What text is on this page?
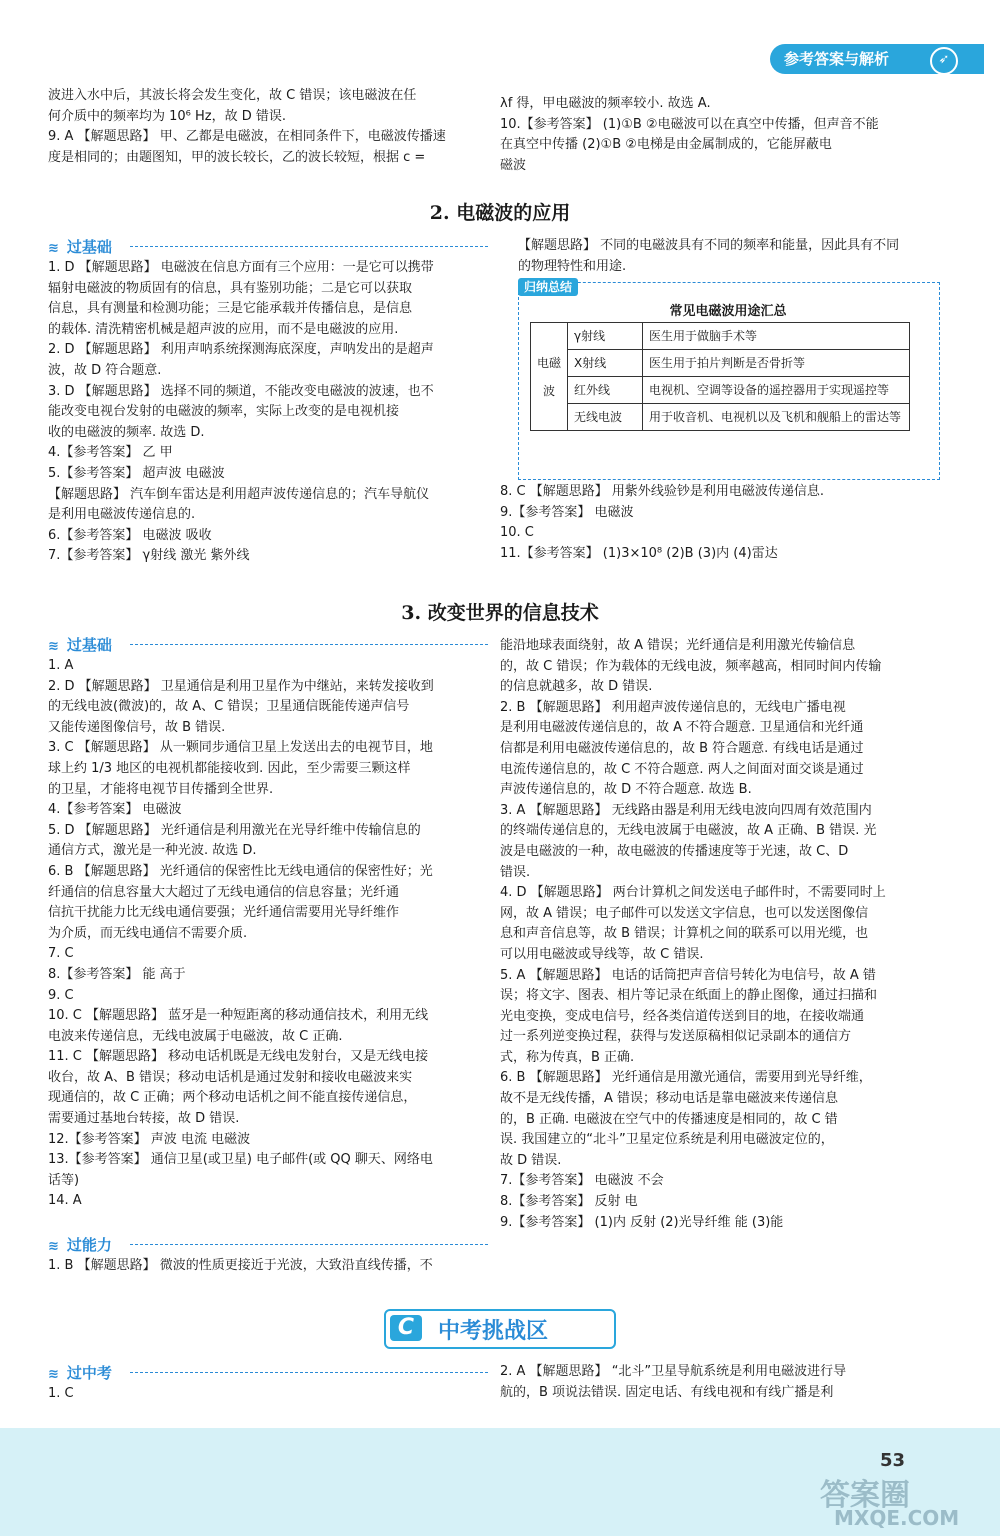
参考答案与解析	➶

波进入水中后，其波长将会发生变化，故 C 错误；该电磁波在任

何介质中的频率均为 10⁶ Hz，故 D 错误.

9. A 【解题思路】 甲、乙都是电磁波，在相同条件下，电磁波传播速

度是相同的；由题图知，甲的波长较长，乙的波长较短，根据 c =

λf 得，甲电磁波的频率较小. 故选 A.

10.【参考答案】 (1)①B ②电磁波可以在真空中传播，但声音不能

在真空中传播 (2)①B ②电梯是由金属制成的，它能屏蔽电

磁波

2. 电磁波的应用
≋ 过基础

1. D 【解题思路】 电磁波在信息方面有三个应用：一是它可以携带

辐射电磁波的物质固有的信息，具有鉴别功能；二是它可以获取

信息，具有测量和检测功能；三是它能承载并传播信息，是信息

的载体. 清洗精密机械是超声波的应用，而不是电磁波的应用.

2. D 【解题思路】 利用声呐系统探测海底深度，声呐发出的是超声

波，故 D 符合题意.

3. D 【解题思路】 选择不同的频道，不能改变电磁波的波速，也不

能改变电视台发射的电磁波的频率，实际上改变的是电视机接

收的电磁波的频率. 故选 D.

4.【参考答案】 乙 甲

5.【参考答案】 超声波 电磁波

【解题思路】 汽车倒车雷达是利用超声波传递信息的；汽车导航仪

是利用电磁波传递信息的.

6.【参考答案】 电磁波 吸收

7.【参考答案】 γ射线 激光 紫外线

【解题思路】 不同的电磁波具有不同的频率和能量，因此具有不同

的物理特性和用途.

归纳总结
常见电磁波用途汇总
电磁波	γ射线	医生用于做脑手术等
	X射线	医生用于拍片判断是否骨折等
	红外线	电视机、空调等设备的遥控器用于实现遥控等
	无线电波	用于收音机、电视机以及飞机和舰船上的雷达等

8. C 【解题思路】 用紫外线验钞是利用电磁波传递信息.

9.【参考答案】 电磁波

10. C

11.【参考答案】 (1)3×10⁸ (2)B (3)内 (4)雷达

3. 改变世界的信息技术
≋ 过基础

1. A

2. D 【解题思路】 卫星通信是利用卫星作为中继站，来转发接收到

的无线电波(微波)的，故 A、C 错误；卫星通信既能传递声信号

又能传递图像信号，故 B 错误.

3. C 【解题思路】 从一颗同步通信卫星上发送出去的电视节目，地

球上约 1/3 地区的电视机都能接收到. 因此，至少需要三颗这样

的卫星，才能将电视节目传播到全世界.

4.【参考答案】 电磁波

5. D 【解题思路】 光纤通信是利用激光在光导纤维中传输信息的

通信方式，激光是一种光波. 故选 D.

6. B 【解题思路】 光纤通信的保密性比无线电通信的保密性好；光

纤通信的信息容量大大超过了无线电通信的信息容量；光纤通

信抗干扰能力比无线电通信要强；光纤通信需要用光导纤维作

为介质，而无线电通信不需要介质.

7. C

8.【参考答案】 能 高于

9. C

10. C 【解题思路】 蓝牙是一种短距离的移动通信技术，利用无线

电波来传递信息，无线电波属于电磁波，故 C 正确.

11. C 【解题思路】 移动电话机既是无线电发射台，又是无线电接

收台，故 A、B 错误；移动电话机是通过发射和接收电磁波来实

现通信的，故 C 正确；两个移动电话机之间不能直接传递信息，

需要通过基地台转接，故 D 错误.

12.【参考答案】 声波 电流 电磁波

13.【参考答案】 通信卫星(或卫星) 电子邮件(或 QQ 聊天、网络电

话等)

14. A

≋ 过能力

1. B 【解题思路】 微波的性质更接近于光波，大致沿直线传播，不

能沿地球表面绕射，故 A 错误；光纤通信是利用激光传输信息

的，故 C 错误；作为载体的无线电波，频率越高，相同时间内传输

的信息就越多，故 D 错误.

2. B 【解题思路】 利用超声波传递信息的，无线电广播电视

是利用电磁波传递信息的，故 A 不符合题意. 卫星通信和光纤通

信都是利用电磁波传递信息的，故 B 符合题意. 有线电话是通过

电流传递信息的，故 C 不符合题意. 两人之间面对面交谈是通过

声波传递信息的，故 D 不符合题意. 故选 B.

3. A 【解题思路】 无线路由器是利用无线电波向四周有效范围内

的终端传递信息的，无线电波属于电磁波，故 A 正确、B 错误. 光

波是电磁波的一种，故电磁波的传播速度等于光速，故 C、D

错误.

4. D 【解题思路】 两台计算机之间发送电子邮件时，不需要同时上

网，故 A 错误；电子邮件可以发送文字信息，也可以发送图像信

息和声音信息等，故 B 错误；计算机之间的联系可以用光缆，也

可以用电磁波或导线等，故 C 错误.

5. A 【解题思路】 电话的话筒把声音信号转化为电信号，故 A 错

误；将文字、图表、相片等记录在纸面上的静止图像，通过扫描和

光电变换，变成电信号，经各类信道传送到目的地，在接收端通

过一系列逆变换过程，获得与发送原稿相似记录副本的通信方

式，称为传真，B 正确.

6. B 【解题思路】 光纤通信是用激光通信，需要用到光导纤维，

故不是无线传播，A 错误；移动电话是靠电磁波来传递信息

的，B 正确. 电磁波在空气中的传播速度是相同的，故 C 错

误. 我国建立的“北斗”卫星定位系统是利用电磁波定位的，

故 D 错误.

7.【参考答案】 电磁波 不会

8.【参考答案】 反射 电

9.【参考答案】 (1)内 反射 (2)光导纤维 能 (3)能

C	中考挑战区
≋ 过中考

1. C

2. A 【解题思路】 “北斗”卫星导航系统是利用电磁波进行导

航的，B 项说法错误. 固定电话、有线电视和有线广播是利

53
答案圈
MXQE.COM
